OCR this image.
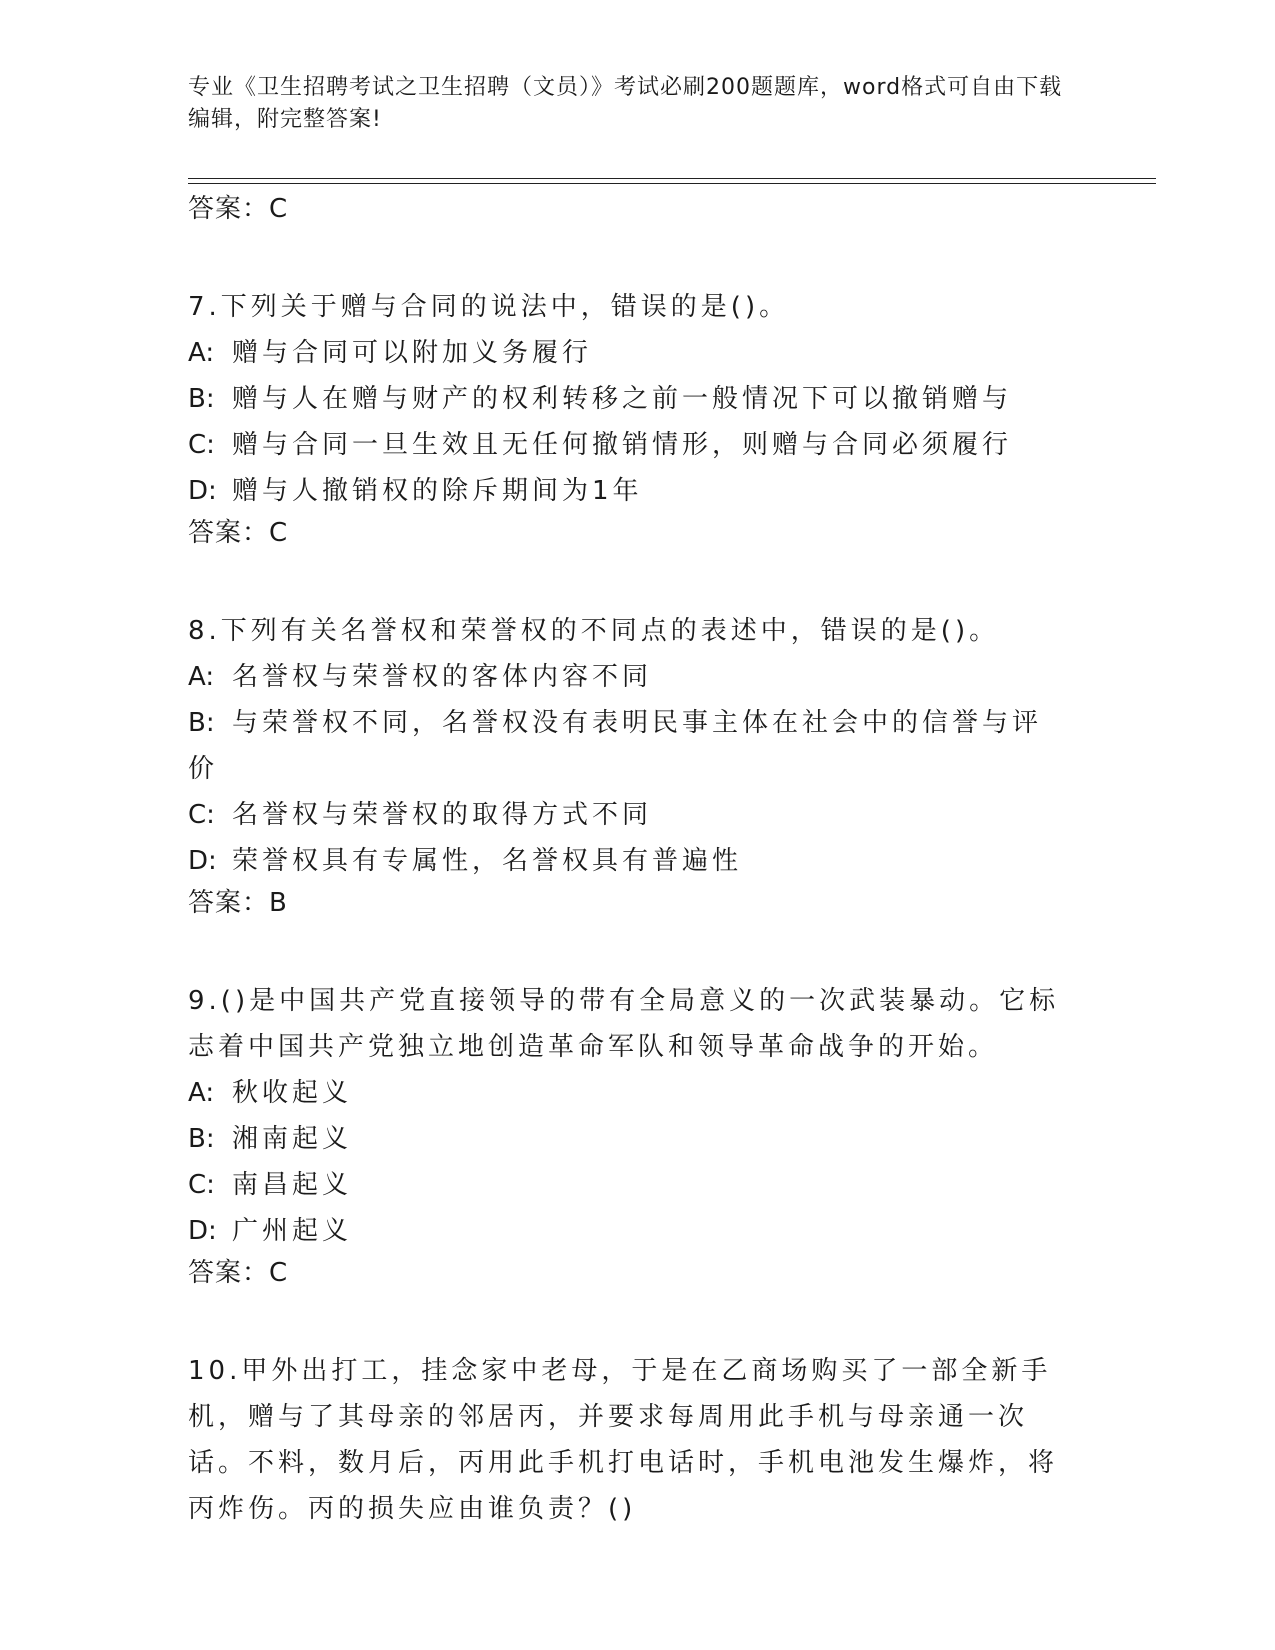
专业《卫生招聘考试之卫生招聘（文员）》考试必刷200题题库，word格式可自由下载编辑，附完整答案!
答案：C
7.下列关于赠与合同的说法中，错误的是()。
A: 赠与合同可以附加义务履行
B: 赠与人在赠与财产的权利转移之前一般情况下可以撤销赠与
C: 赠与合同一旦生效且无任何撤销情形，则赠与合同必须履行
D: 赠与人撤销权的除斥期间为1年
答案：C
8.下列有关名誉权和荣誉权的不同点的表述中，错误的是()。
A: 名誉权与荣誉权的客体内容不同
B: 与荣誉权不同，名誉权没有表明民事主体在社会中的信誉与评价
C: 名誉权与荣誉权的取得方式不同
D: 荣誉权具有专属性，名誉权具有普遍性
答案：B
9.()是中国共产党直接领导的带有全局意义的一次武装暴动。它标志着中国共产党独立地创造革命军队和领导革命战争的开始。
A: 秋收起义
B: 湘南起义
C: 南昌起义
D: 广州起义
答案：C
10.甲外出打工，挂念家中老母，于是在乙商场购买了一部全新手机，赠与了其母亲的邻居丙，并要求每周用此手机与母亲通一次话。不料，数月后，丙用此手机打电话时，手机电池发生爆炸，将丙炸伤。丙的损失应由谁负责？()
